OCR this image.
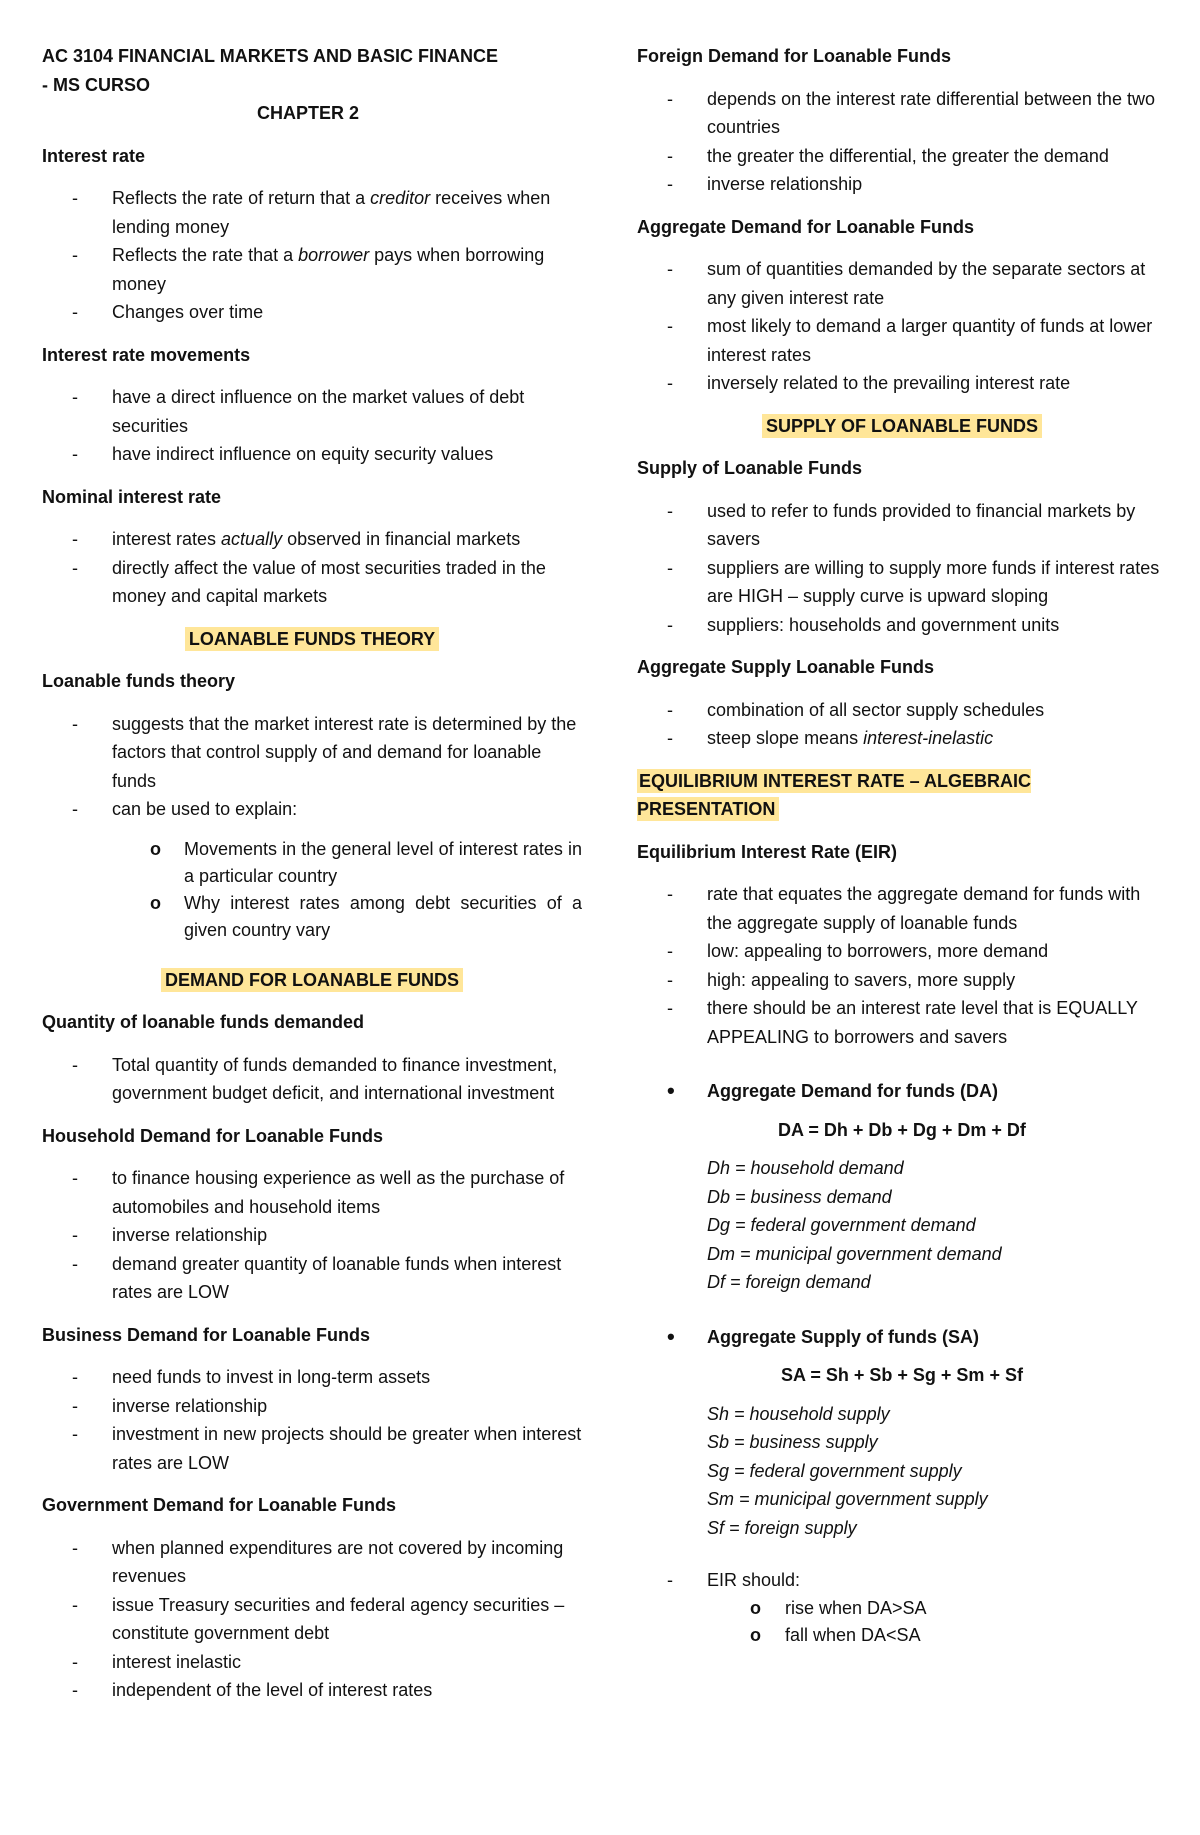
AC 3104 FINANCIAL MARKETS AND BASIC FINANCE
- MS CURSO
CHAPTER 2
Interest rate
- Reflects the rate of return that a creditor receives when lending money
- Reflects the rate that a borrower pays when borrowing money
- Changes over time
Interest rate movements
- have a direct influence on the market values of debt securities
- have indirect influence on equity security values
Nominal interest rate
- interest rates actually observed in financial markets
- directly affect the value of most securities traded in the money and capital markets
LOANABLE FUNDS THEORY
Loanable funds theory
- suggests that the market interest rate is determined by the factors that control supply of and demand for loanable funds
- can be used to explain:
o Movements in the general level of interest rates in a particular country
o Why interest rates among debt securities of a given country vary
DEMAND FOR LOANABLE FUNDS
Quantity of loanable funds demanded
- Total quantity of funds demanded to finance investment, government budget deficit, and international investment
Household Demand for Loanable Funds
- to finance housing experience as well as the purchase of automobiles and household items
- inverse relationship
- demand greater quantity of loanable funds when interest rates are LOW
Business Demand for Loanable Funds
- need funds to invest in long-term assets
- inverse relationship
- investment in new projects should be greater when interest rates are LOW
Government Demand for Loanable Funds
- when planned expenditures are not covered by incoming revenues
- issue Treasury securities and federal agency securities – constitute government debt
- interest inelastic
- independent of the level of interest rates
Foreign Demand for Loanable Funds
- depends on the interest rate differential between the two countries
- the greater the differential, the greater the demand
- inverse relationship
Aggregate Demand for Loanable Funds
- sum of quantities demanded by the separate sectors at any given interest rate
- most likely to demand a larger quantity of funds at lower interest rates
- inversely related to the prevailing interest rate
SUPPLY OF LOANABLE FUNDS
Supply of Loanable Funds
- used to refer to funds provided to financial markets by savers
- suppliers are willing to supply more funds if interest rates are HIGH – supply curve is upward sloping
- suppliers: households and government units
Aggregate Supply Loanable Funds
- combination of all sector supply schedules
- steep slope means interest-inelastic
EQUILIBRIUM INTEREST RATE – ALGEBRAIC PRESENTATION
Equilibrium Interest Rate (EIR)
- rate that equates the aggregate demand for funds with the aggregate supply of loanable funds
- low: appealing to borrowers, more demand
- high: appealing to savers, more supply
- there should be an interest rate level that is EQUALLY APPEALING to borrowers and savers
• Aggregate Demand for funds (DA)
DA = Dh + Db + Dg + Dm + Df
Dh = household demand
Db = business demand
Dg = federal government demand
Dm = municipal government demand
Df = foreign demand
• Aggregate Supply of funds (SA)
SA = Sh + Sb + Sg + Sm + Sf
Sh = household supply
Sb = business supply
Sg = federal government supply
Sm = municipal government supply
Sf = foreign supply
- EIR should:
o rise when DA>SA
o fall when DA<SA
